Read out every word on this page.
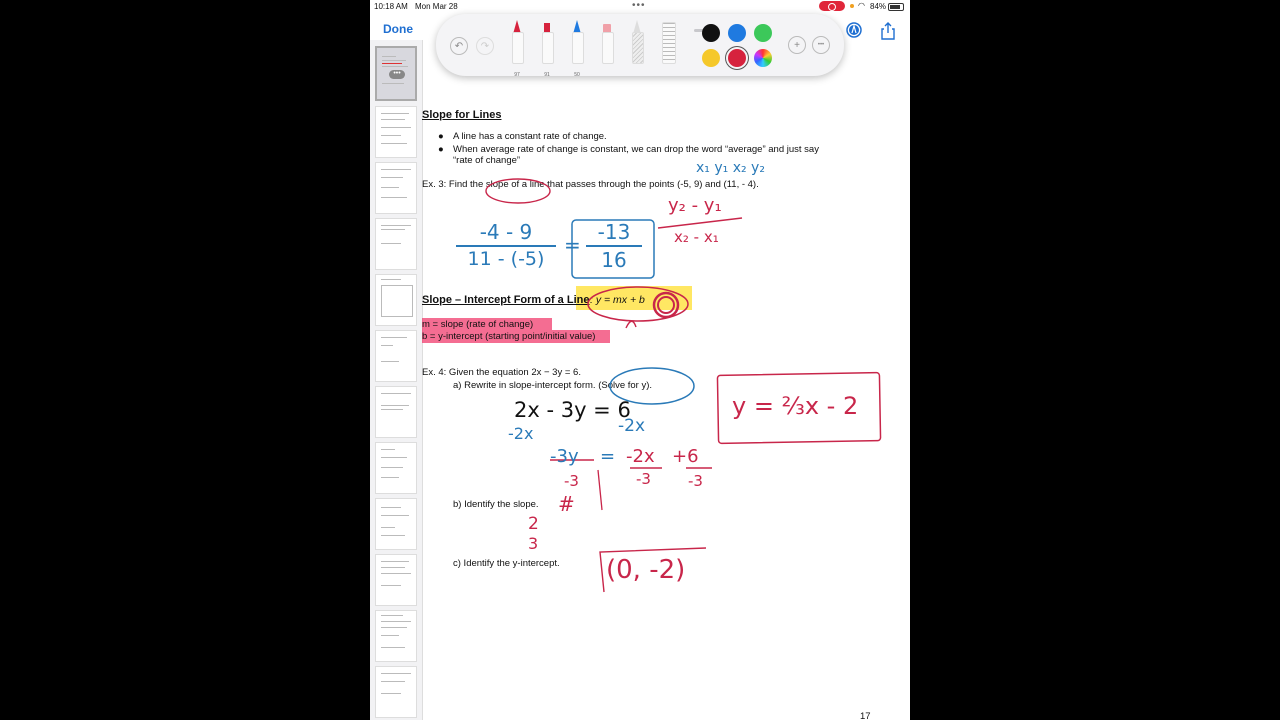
10:18 AM Mon Mar 28	•••	◠ 84%
Done
•••
Slope for Lines
● A line has a constant rate of change.
● When average rate of change is constant, we can drop the word “average” and just say
“rate of change”
Ex. 3: Find the slope of a line that passes through the points (-5, 9) and (11, - 4).
Slope – Intercept Form of a Line : y = mx + b
m = slope (rate of change)
b = y-intercept (starting point/initial value)
Ex. 4: Given the equation 2x − 3y = 6.
a) Rewrite in slope-intercept form. (Solve for y).
b) Identify the slope.
c) Identify the y-intercept.
17
x₁ y₁ x₂ y₂
y₂ - y₁
x₂ - x₁
-4 - 9
11 - (-5)
=
-13
16
2x - 3y = 6
-2x	-2x
y = ⅔x - 2
-3y
-3
= -2x
-3
+6
-3
#
2
3
(0, -2)
↶	↷
97	91	50
+	•••
